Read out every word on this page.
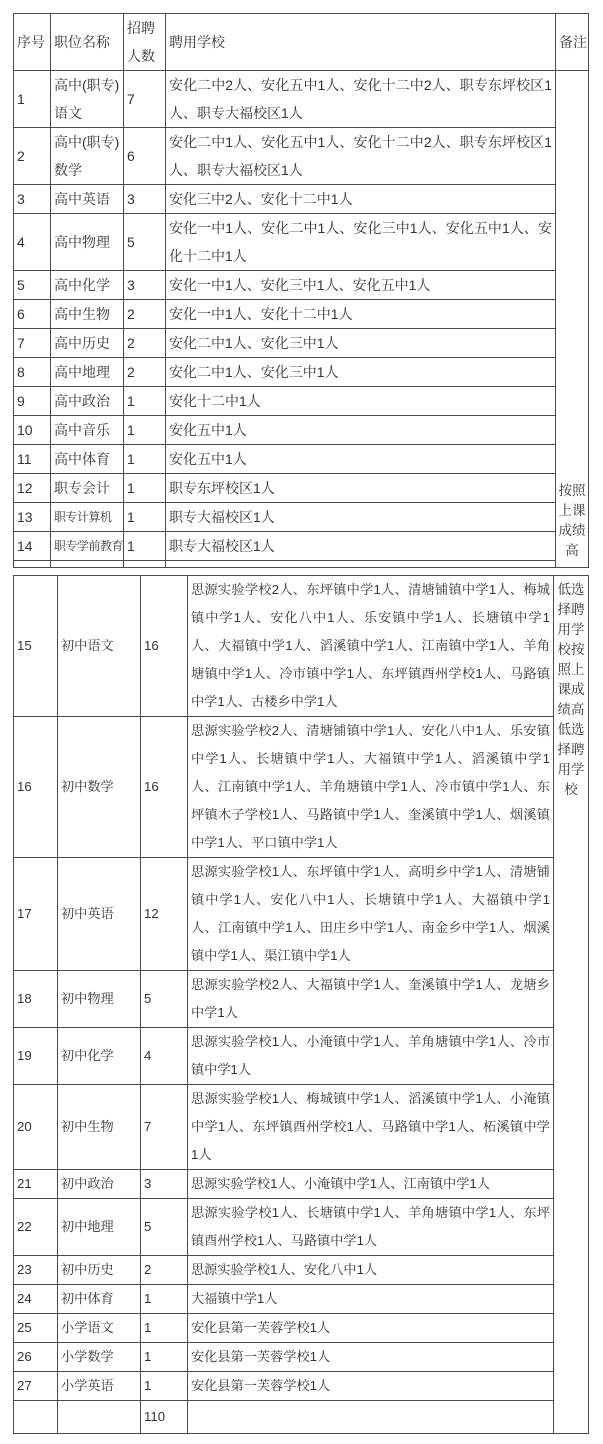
序号	职位名称	招聘人数	聘用学校	备注
1	高中(职专)语文	7	安化二中2人、安化五中1人、安化十二中2人、职专东坪校区1人、职专大福校区1人	按照上课成绩高

2	高中(职专)数学	6	安化二中1人、安化五中1人、安化十二中2人、职专东坪校区1人、职专大福校区1人	
3	高中英语	3	安化三中2人、安化十二中1人	
4	高中物理	5	安化一中1人、安化二中1人、安化三中1人、安化五中1人、安化十二中1人	
5	高中化学	3	安化一中1人、安化三中1人、安化五中1人	
6	高中生物	2	安化一中1人、安化十二中1人	
7	高中历史	2	安化二中1人、安化三中1人	
8	高中地理	2	安化二中1人、安化三中1人	
9	高中政治	1	安化十二中1人	
10	高中音乐	1	安化五中1人	
11	高中体育	1	安化五中1人	
12	职专会计	1	职专东坪校区1人	
13	职专计算机	1	职专大福校区1人	
14	职专学前教育	1	职专大福校区1人	

15	初中语文	16	思源实验学校2人、东坪镇中学1人、清塘铺镇中学1人、梅城镇中学1人、安化八中1人、乐安镇中学1人、长塘镇中学1人、大福镇中学1人、滔溪镇中学1人、江南镇中学1人、羊角塘镇中学1人、冷市镇中学1人、东坪镇酉州学校1人、马路镇中学1人、古楼乡中学1人	低选择聘用学校按照上课成绩高低选择聘用学校

16	初中数学	16	思源实验学校2人、清塘铺镇中学1人、安化八中1人、乐安镇中学1人、长塘镇中学1人、大福镇中学1人、滔溪镇中学1人、江南镇中学1人、羊角塘镇中学1人、冷市镇中学1人、东坪镇木子学校1人、马路镇中学1人、奎溪镇中学1人、烟溪镇中学1人、平口镇中学1人	
17	初中英语	12	思源实验学校1人、东坪镇中学1人、高明乡中学1人、清塘铺镇中学1人、安化八中1人、长塘镇中学1人、大福镇中学1人、江南镇中学1人、田庄乡中学1人、南金乡中学1人、烟溪镇中学1人、渠江镇中学1人	
18	初中物理	5	思源实验学校2人、大福镇中学1人、奎溪镇中学1人、龙塘乡中学1人	
19	初中化学	4	思源实验学校1人、小淹镇中学1人、羊角塘镇中学1人、冷市镇中学1人	
20	初中生物	7	思源实验学校1人、梅城镇中学1人、滔溪镇中学1人、小淹镇中学1人、东坪镇酉州学校1人、马路镇中学1人、柘溪镇中学1人	
21	初中政治	3	思源实验学校1人、小淹镇中学1人、江南镇中学1人	
22	初中地理	5	思源实验学校1人、长塘镇中学1人、羊角塘镇中学1人、东坪镇酉州学校1人、马路镇中学1人	
23	初中历史	2	思源实验学校1人、安化八中1人	
24	初中体育	1	大福镇中学1人	
25	小学语文	1	安化县第一芙蓉学校1人	
26	小学数学	1	安化县第一芙蓉学校1人	
27	小学英语	1	安化县第一芙蓉学校1人	
		110		
